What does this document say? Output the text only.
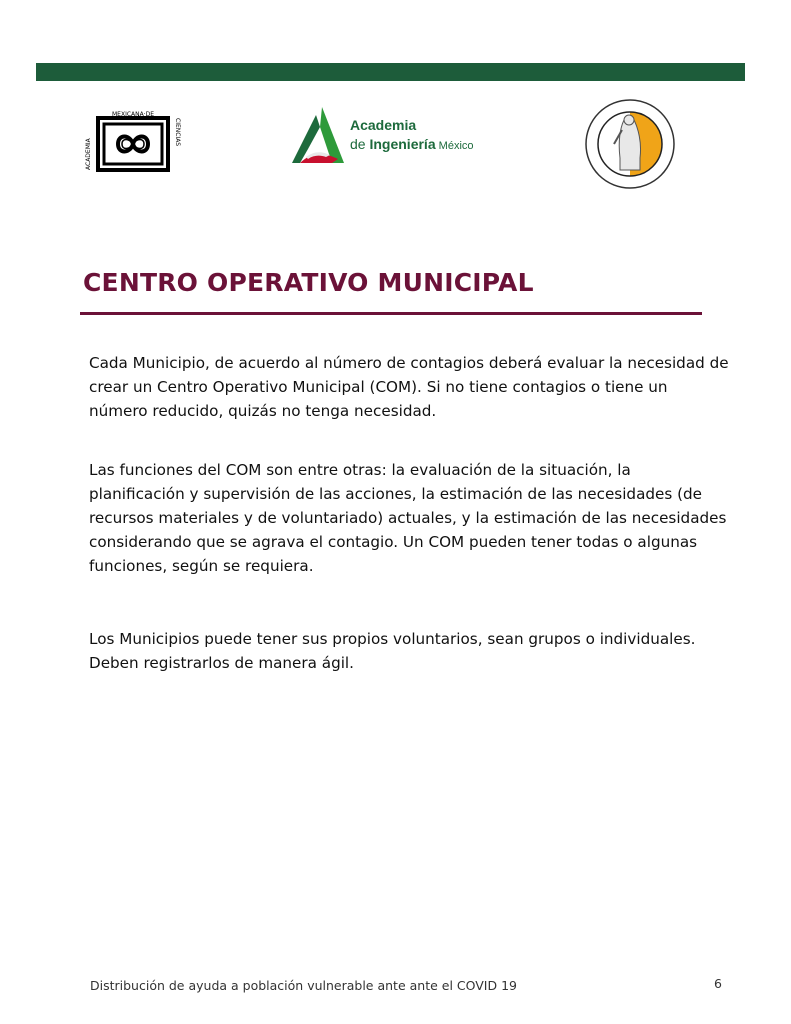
ACADEMIA
MEXICANA·DE
CIENCIAS	Academia
de Ingeniería México
CENTRO OPERATIVO MUNICIPAL
Cada Municipio, de acuerdo al número de contagios deberá evaluar la necesidad de crear un Centro Operativo Municipal (COM). Si no tiene contagios o tiene un número reducido, quizás no tenga necesidad.
Las funciones del COM son entre otras: la evaluación de la situación, la planificación y supervisión de las acciones, la estimación de las necesidades (de recursos materiales y de voluntariado) actuales, y la estimación de las necesidades considerando que se agrava el contagio. Un COM pueden tener todas o algunas funciones, según se requiera.
Los Municipios puede tener sus propios voluntarios, sean grupos o individuales. Deben registrarlos de manera ágil.
Distribución de ayuda a población vulnerable ante ante el COVID 19	6
